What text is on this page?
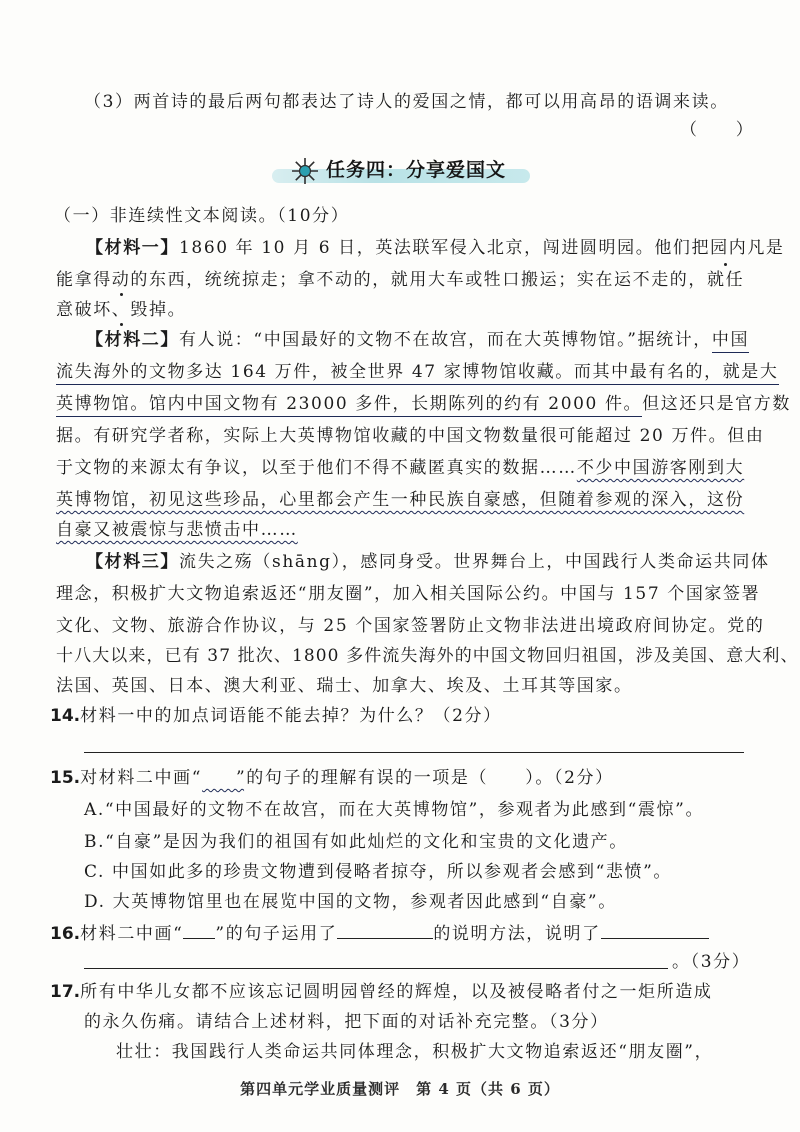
（3）两首诗的最后两句都表达了诗人的爱国之情，都可以用高昂的语调来读。
（　　）
任务四：分享爱国文
（一）非连续性文本阅读。（10分）
【材料一】1860 年 10 月 6 日，英法联军侵入北京，闯进圆明园。他们把园内凡是
能拿得动的东西，统统掠走；拿不动的，就用大车或牲口搬运；实在运不走的，就任
意破坏、毁掉。
【材料二】有人说：“中国最好的文物不在故宫，而在大英博物馆。”据统计，中国
流失海外的文物多达 164 万件，被全世界 47 家博物馆收藏。而其中最有名的，就是大
英博物馆。馆内中国文物有 23000 多件，长期陈列的约有 2000 件。但这还只是官方数
据。有研究学者称，实际上大英博物馆收藏的中国文物数量很可能超过 20 万件。但由
于文物的来源太有争议，以至于他们不得不藏匿真实的数据……不少中国游客刚到大
英博物馆，初见这些珍品，心里都会产生一种民族自豪感，但随着参观的深入，这份
自豪又被震惊与悲愤击中……
【材料三】流失之殇（shāng），感同身受。世界舞台上，中国践行人类命运共同体
理念，积极扩大文物追索返还“朋友圈”，加入相关国际公约。中国与 157 个国家签署
文化、文物、旅游合作协议，与 25 个国家签署防止文物非法进出境政府间协定。党的
十八大以来，已有 37 批次、1800 多件流失海外的中国文物回归祖国，涉及美国、意大利、
法国、英国、日本、澳大利亚、瑞士、加拿大、埃及、土耳其等国家。
14.材料一中的加点词语能不能去掉？为什么？（2分）
15.对材料二中画“​      ”的句子的理解有误的一项是（　　）。（2分）
A.“中国最好的文物不在故宫，而在大英博物馆”，参观者为此感到“震惊”。
B.“自豪”是因为我们的祖国有如此灿烂的文化和宝贵的文化遗产。
C. 中国如此多的珍贵文物遭到侵略者掠夺，所以参观者会感到“悲愤”。
D. 大英博物馆里也在展览中国的文物，参观者因此感到“自豪”。
16.材料二中画“ ”的句子运用了	的说明方法，说明了
。（3分）
17.所有中华儿女都不应该忘记圆明园曾经的辉煌，以及被侵略者付之一炬所造成
的永久伤痛。请结合上述材料，把下面的对话补充完整。（3分）
壮壮：我国践行人类命运共同体理念，积极扩大文物追索返还“朋友圈”，
第四单元学业质量测评　第 4 页（共 6 页）
